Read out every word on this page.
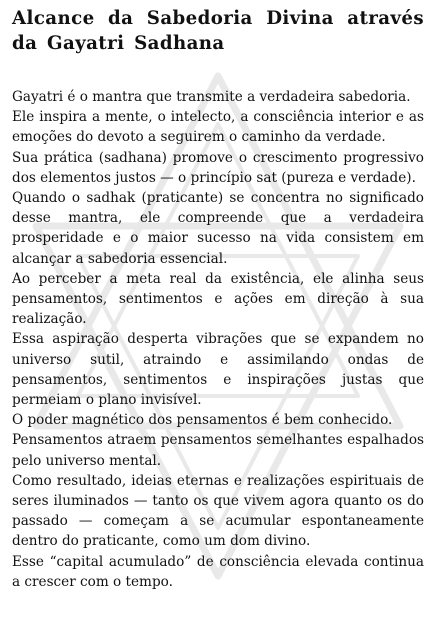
Alcance da Sabedoria Divina através da Gayatri Sadhana

Gayatri é o mantra que transmite a verdadeira sabedoria.

Ele inspira a mente, o intelecto, a consciência interior e as emoções do devoto a seguirem o caminho da verdade.

Sua prática (sadhana) promove o crescimento progressivo dos elementos justos — o princípio sat (pureza e verdade).

Quando o sadhak (praticante) se concentra no significado desse mantra, ele compreende que a verdadeira prosperidade e o maior sucesso na vida consistem em alcançar a sabedoria essencial.

Ao perceber a meta real da existência, ele alinha seus pensamentos, sentimentos e ações em direção à sua realização.

Essa aspiração desperta vibrações que se expandem no universo sutil, atraindo e assimilando ondas de pensamentos, sentimentos e inspirações justas que permeiam o plano invisível.

O poder magnético dos pensamentos é bem conhecido.

Pensamentos atraem pensamentos semelhantes espalhados pelo universo mental.

Como resultado, ideias eternas e realizações espirituais de seres iluminados — tanto os que vivem agora quanto os do passado — começam a se acumular espontaneamente dentro do praticante, como um dom divino.

Esse “capital acumulado” de consciência elevada continua a crescer com o tempo.
